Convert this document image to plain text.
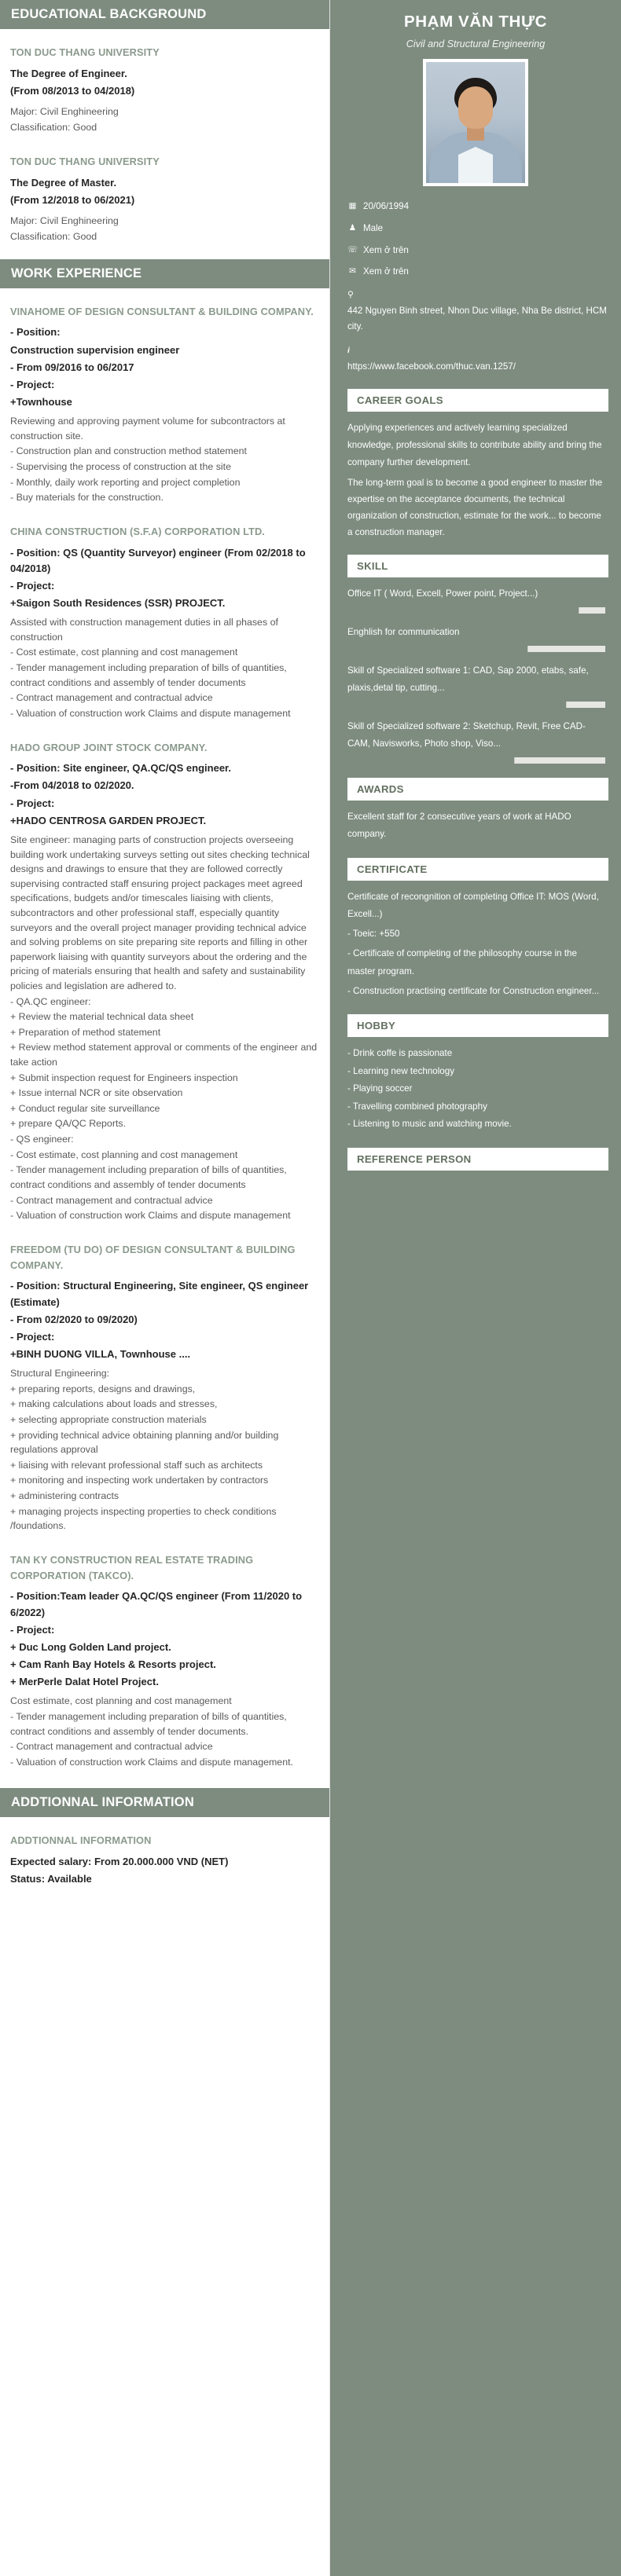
EDUCATIONAL BACKGROUND
TON DUC THANG UNIVERSITY
The Degree of Engineer.
(From 08/2013 to 04/2018)
Major: Civil Enghineering
Classification: Good
TON DUC THANG UNIVERSITY
The Degree of Master.
(From 12/2018 to 06/2021)
Major: Civil Enghineering
Classification: Good
WORK EXPERIENCE
VINAHOME OF DESIGN CONSULTANT & BUILDING COMPANY.
- Position:
Construction supervision engineer
- From 09/2016 to 06/2017
- Project:
+Townhouse
Reviewing and approving payment volume for subcontractors at construction site.
- Construction plan and construction method statement
- Supervising the process of construction at the site
- Monthly, daily work reporting and project completion
- Buy materials for the construction.
CHINA CONSTRUCTION (S.F.A) CORPORATION LTD.
- Position: QS (Quantity Surveyor) engineer (From 02/2018 to 04/2018)
- Project:
+Saigon South Residences (SSR) PROJECT.
Assisted with construction management duties in all phases of construction
- Cost estimate, cost planning and cost management
- Tender management including preparation of bills of quantities, contract conditions and assembly of tender documents
- Contract management and contractual advice
- Valuation of construction work Claims and dispute management
HADO GROUP JOINT STOCK COMPANY.
- Position: Site engineer, QA.QC/QS engineer.
-From 04/2018 to 02/2020.
- Project:
+HADO CENTROSA GARDEN PROJECT.
Site engineer: managing parts of construction projects overseeing building work undertaking surveys setting out sites checking technical designs and drawings to ensure that they are followed correctly supervising contracted staff ensuring project packages meet agreed specifications, budgets and/or timescales liaising with clients, subcontractors and other professional staff, especially quantity surveyors and the overall project manager providing technical advice and solving problems on site preparing site reports and filling in other paperwork liaising with quantity surveyors about the ordering and the pricing of materials ensuring that health and safety and sustainability policies and legislation are adhered to.
- QA.QC engineer:
+ Review the material technical data sheet
+ Preparation of method statement
+ Review method statement approval or comments of the engineer and take action
+ Submit inspection request for Engineers inspection
+ Issue internal NCR or site observation
+ Conduct regular site surveillance
+ prepare QA/QC Reports.
- QS engineer:
- Cost estimate, cost planning and cost management
- Tender management including preparation of bills of quantities, contract conditions and assembly of tender documents
- Contract management and contractual advice
- Valuation of construction work Claims and dispute management
FREEDOM (TU DO) OF DESIGN CONSULTANT & BUILDING COMPANY.
- Position: Structural Engineering, Site engineer, QS engineer (Estimate)
- From 02/2020 to 09/2020)
- Project:
+BINH DUONG VILLA, Townhouse ....
Structural Engineering:
+ preparing reports, designs and drawings,
+ making calculations about loads and stresses,
+ selecting appropriate construction materials
+ providing technical advice obtaining planning and/or building regulations approval
+ liaising with relevant professional staff such as architects
+ monitoring and inspecting work undertaken by contractors
+ administering contracts
+ managing projects inspecting properties to check conditions /foundations.
TAN KY CONSTRUCTION REAL ESTATE TRADING CORPORATION (TAKCO).
- Position:Team leader QA.QC/QS engineer (From 11/2020 to 6/2022)
- Project:
+ Duc Long Golden Land project.
+ Cam Ranh Bay Hotels & Resorts project.
+ MerPerle Dalat Hotel Project.
Cost estimate, cost planning and cost management
- Tender management including preparation of bills of quantities, contract conditions and assembly of tender documents.
- Contract management and contractual advice
- Valuation of construction work Claims and dispute management.
ADDTIONNAL INFORMATION
ADDTIONNAL INFORMATION
Expected salary: From 20.000.000 VND (NET)
Status: Available
PHẠM VĂN THỰC
Civil and Structural Engineering
▦ 20/06/1994
♟ Male
☏ Xem ở trên
✉ Xem ở trên
⚲
442 Nguyen Binh street, Nhon Duc village, Nha Be district, HCM city.
i
https://www.facebook.com/thuc.van.1257/
CAREER GOALS
Applying experiences and actively learning specialized knowledge, professional skills to contribute ability and bring the company further development.
The long-term goal is to become a good engineer to master the expertise on the acceptance documents, the technical organization of construction, estimate for the work... to become a construction manager.
SKILL
Office IT ( Word, Excell, Power point, Project...)
Enghlish for communication
Skill of Specialized software 1: CAD, Sap 2000, etabs, safe, plaxis,detal tip, cutting...
Skill of Specialized software 2: Sketchup, Revit, Free CAD-CAM, Navisworks, Photo shop, Viso...
AWARDS
Excellent staff for 2 consecutive years of work at HADO company.
CERTIFICATE
Certificate of recongnition of completing Office IT: MOS (Word, Excell...)
- Toeic: +550
- Certificate of completing of the philosophy course in the master program.
- Construction practising certificate for Construction engineer...
HOBBY
- Drink coffe is passionate
- Learning new technology
- Playing soccer
- Travelling combined photography
- Listening to music and watching movie.
REFERENCE PERSON
